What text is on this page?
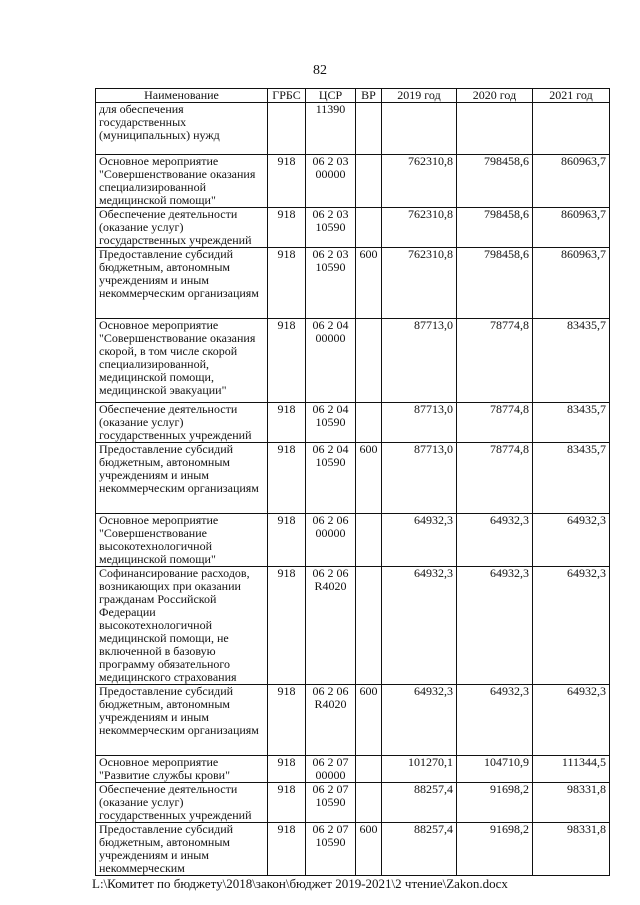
82
Наименование	ГРБС	ЦСР	ВР	2019 год	2020 год	2021 год
для обеспечения государственных (муниципальных) нужд		11390				
Основное мероприятие "Совершенствование оказания специализированной медицинской помощи"	918	06 2 03 00000		762310,8	798458,6	860963,7
Обеспечение деятельности (оказание услуг) государственных учреждений	918	06 2 03 10590		762310,8	798458,6	860963,7
Предоставление субсидий бюджетным, автономным учреждениям и иным некоммерческим организациям	918	06 2 03 10590	600	762310,8	798458,6	860963,7
Основное мероприятие "Совершенствование оказания скорой, в том числе скорой специализированной, медицинской помощи, медицинской эвакуации"	918	06 2 04 00000		87713,0	78774,8	83435,7
Обеспечение деятельности (оказание услуг) государственных учреждений	918	06 2 04 10590		87713,0	78774,8	83435,7
Предоставление субсидий бюджетным, автономным учреждениям и иным некоммерческим организациям	918	06 2 04 10590	600	87713,0	78774,8	83435,7
Основное мероприятие "Совершенствование высокотехнологичной медицинской помощи"	918	06 2 06 00000		64932,3	64932,3	64932,3
Софинансирование расходов, возникающих при оказании гражданам Российской Федерации высокотехнологичной медицинской помощи, не включенной в базовую программу обязательного медицинского страхования	918	06 2 06 R4020		64932,3	64932,3	64932,3
Предоставление субсидий бюджетным, автономным учреждениям и иным некоммерческим организациям	918	06 2 06 R4020	600	64932,3	64932,3	64932,3
Основное мероприятие "Развитие службы крови"	918	06 2 07 00000		101270,1	104710,9	111344,5
Обеспечение деятельности (оказание услуг) государственных учреждений	918	06 2 07 10590		88257,4	91698,2	98331,8
Предоставление субсидий бюджетным, автономным учреждениям и иным некоммерческим	918	06 2 07 10590	600	88257,4	91698,2	98331,8
L:\Комитет по бюджету\2018\закон\бюджет 2019-2021\2 чтение\Zakon.docx
